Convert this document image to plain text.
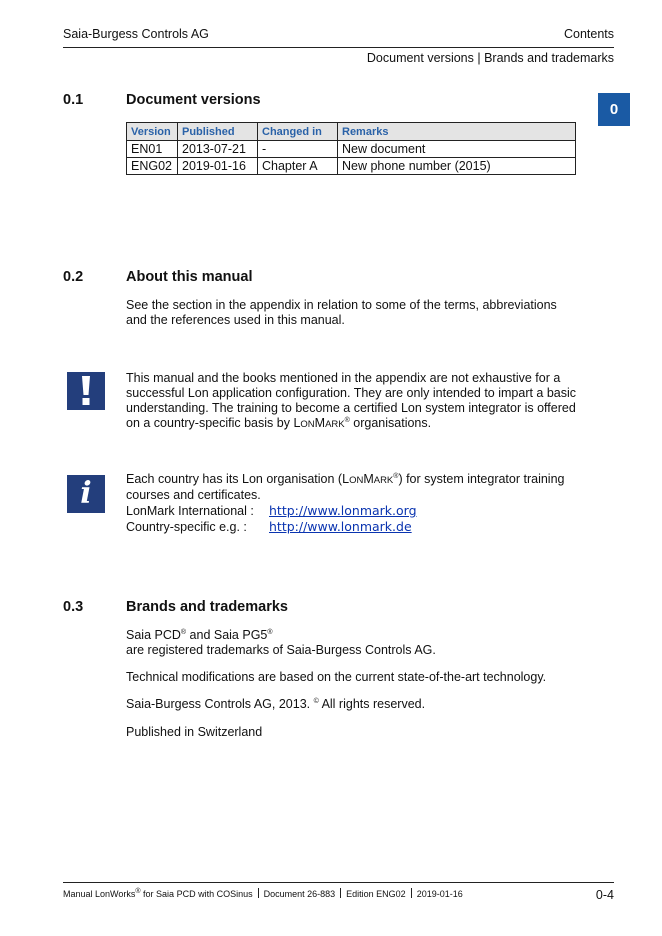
Saia-Burgess Controls AG	Contents
Document versions | Brands and trademarks
0
0.1	Document versions
Version	Published	Changed in	Remarks
EN01	2013-07-21	-	New document
ENG02	2019-01-16	Chapter A	New phone number (2015)
0.2	About this manual
See the section in the appendix in relation to some of the terms, abbreviations and the references used in this manual.
This manual and the books mentioned in the appendix are not exhaustive for a
successful Lon application configuration. They are only intended to impart a basic
understanding. The training to become a certified Lon system integrator is offered
on a country-specific basis by LONMARK® organisations.
i	Each country has its Lon organisation (LONMARK®) for system integrator training
courses and certificates.
LonMark International : http://www.lonmark.org
Country-specific e.g. : http://www.lonmark.de
0.3	Brands and trademarks
Saia PCD® and Saia PG5®
are registered trademarks of Saia-Burgess Controls AG.
Technical modifications are based on the current state-of-the-art technology.
Saia-Burgess Controls AG, 2013. © All rights reserved.
Published in Switzerland
Manual LonWorks® for Saia PCD with COSinus Document 26-883 Edition ENG02 2019-01-16	0-4
